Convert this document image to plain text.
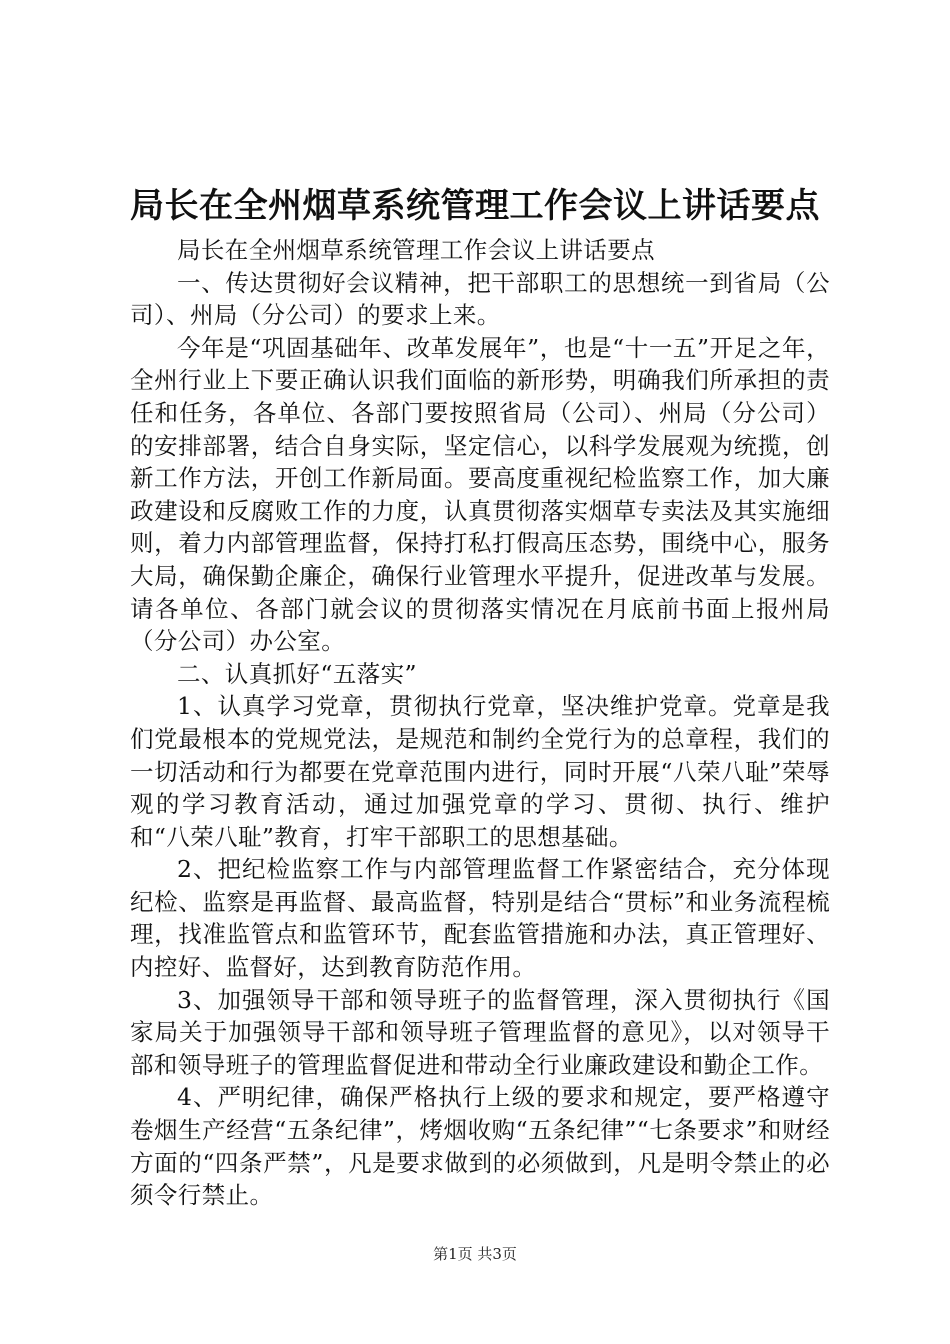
局长在全州烟草系统管理工作会议上讲话要点

局长在全州烟草系统管理工作会议上讲话要点

一、传达贯彻好会议精神，把干部职工的思想统一到省局（公司）、州局（分公司）的要求上来。

今年是“巩固基础年、改革发展年”，也是“十一五”开足之年，全州行业上下要正确认识我们面临的新形势，明确我们所承担的责任和任务，各单位、各部门要按照省局（公司）、州局（分公司）的安排部署，结合自身实际，坚定信心，以科学发展观为统揽，创新工作方法，开创工作新局面。要高度重视纪检监察工作，加大廉政建设和反腐败工作的力度，认真贯彻落实烟草专卖法及其实施细则，着力内部管理监督，保持打私打假高压态势，围绕中心，服务大局，确保勤企廉企，确保行业管理水平提升，促进改革与发展。请各单位、各部门就会议的贯彻落实情况在月底前书面上报州局（分公司）办公室。

二、认真抓好“五落实”

1、认真学习党章，贯彻执行党章，坚决维护党章。党章是我们党最根本的党规党法，是规范和制约全党行为的总章程，我们的一切活动和行为都要在党章范围内进行，同时开展“八荣八耻”荣辱观的学习教育活动，通过加强党章的学习、贯彻、执行、维护和“八荣八耻”教育，打牢干部职工的思想基础。

2、把纪检监察工作与内部管理监督工作紧密结合，充分体现纪检、监察是再监督、最高监督，特别是结合“贯标”和业务流程梳理，找准监管点和监管环节，配套监管措施和办法，真正管理好、内控好、监督好，达到教育防范作用。

3、加强领导干部和领导班子的监督管理，深入贯彻执行《国家局关于加强领导干部和领导班子管理监督的意见》，以对领导干部和领导班子的管理监督促进和带动全行业廉政建设和勤企工作。

4、严明纪律，确保严格执行上级的要求和规定，要严格遵守卷烟生产经营“五条纪律”，烤烟收购“五条纪律”“七条要求”和财经方面的“四条严禁”，凡是要求做到的必须做到，凡是明令禁止的必须令行禁止。

第1页 共3页
